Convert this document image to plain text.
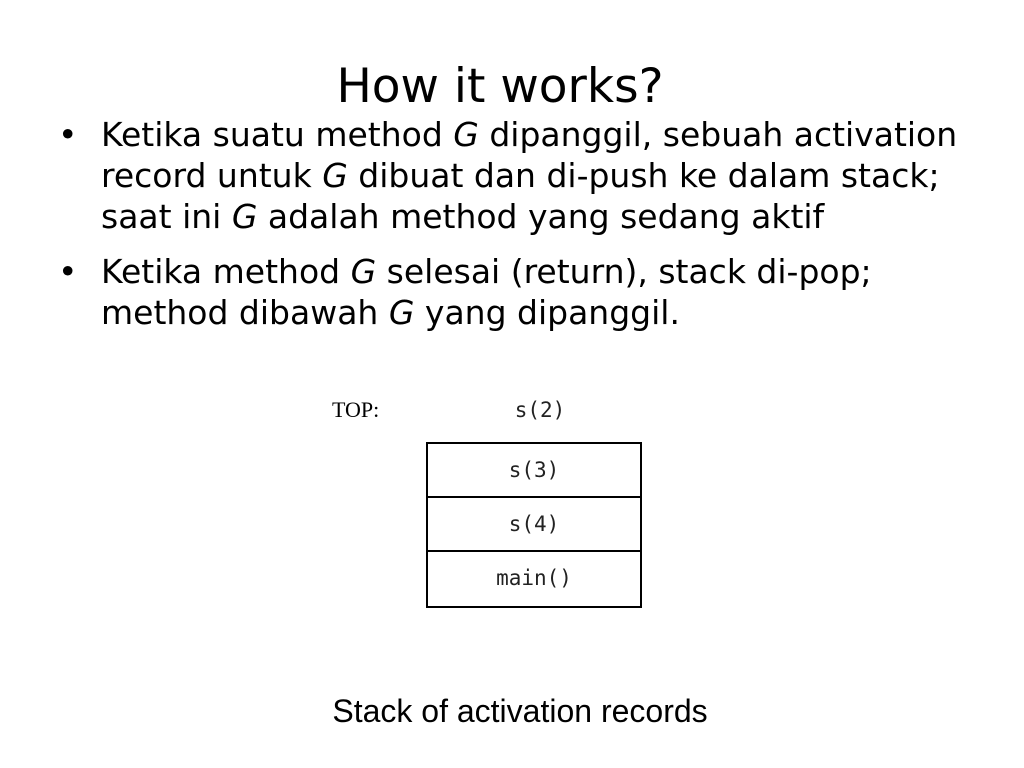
How it works?
• Ketika suatu method G dipanggil, sebuah activation record untuk G dibuat dan di-push ke dalam stack; saat ini G adalah method yang sedang aktif
• Ketika method G selesai (return), stack di-pop; method dibawah G yang dipanggil.
TOP:	s(2)
s(3)
s(4)
main()
Stack of activation records
